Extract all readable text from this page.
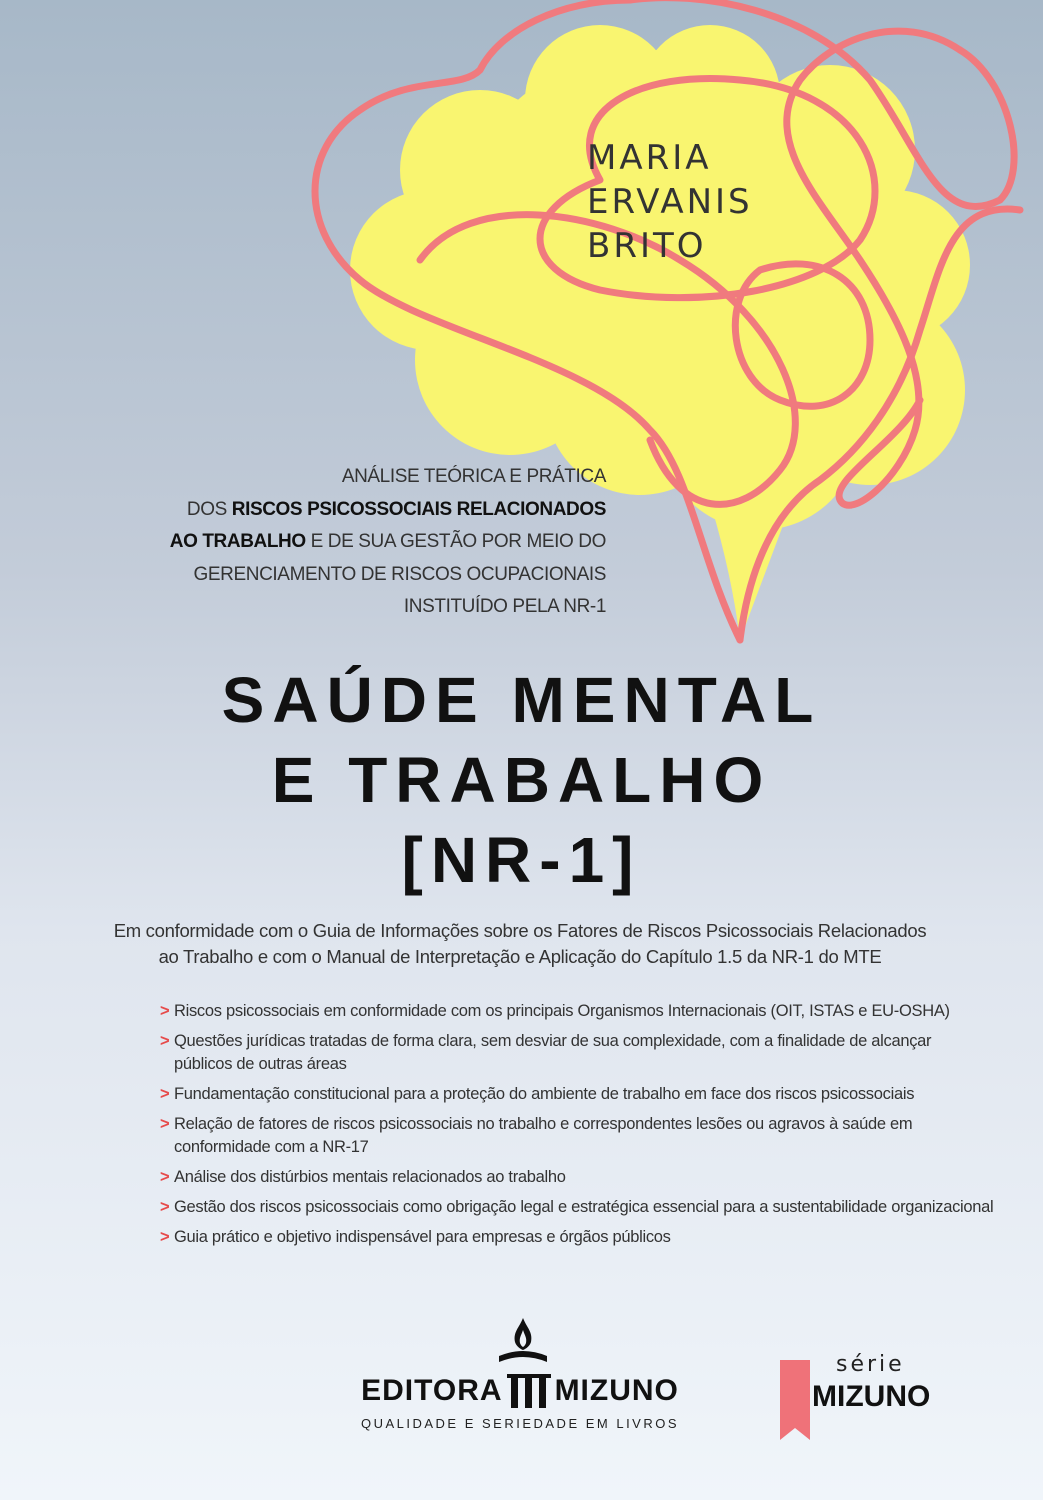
MARIA

ERVANIS

BRITO

ANÁLISE TEÓRICA E PRÁTICA
DOS RISCOS PSICOSSOCIAIS RELACIONADOS
AO TRABALHO E DE SUA GESTÃO POR MEIO DO
GERENCIAMENTO DE RISCOS OCUPACIONAIS
INSTITUÍDO PELA NR-1
SAÚDE MENTAL
E TRABALHO
[NR-1]

Em conformidade com o Guia de Informações sobre os Fatores de Riscos Psicossociais Relacionados
ao Trabalho e com o Manual de Interpretação e Aplicação do Capítulo 1.5 da NR-1 do MTE

> Riscos psicossociais em conformidade com os principais Organismos Internacionais (OIT, ISTAS e EU-OSHA)
> Questões jurídicas tratadas de forma clara, sem desviar de sua complexidade, com a finalidade de alcançar
públicos de outras áreas
> Fundamentação constitucional para a proteção do ambiente de trabalho em face dos riscos psicossociais
> Relação de fatores de riscos psicossociais no trabalho e correspondentes lesões ou agravos à saúde em
conformidade com a NR-17
> Análise dos distúrbios mentais relacionados ao trabalho
> Gestão dos riscos psicossociais como obrigação legal e estratégica essencial para a sustentabilidade organizacional
> Guia prático e objetivo indispensável para empresas e órgãos públicos
EDITORA MIZUNO
QUALIDADE E SERIEDADE EM LIVROS
série
MIZUNO
